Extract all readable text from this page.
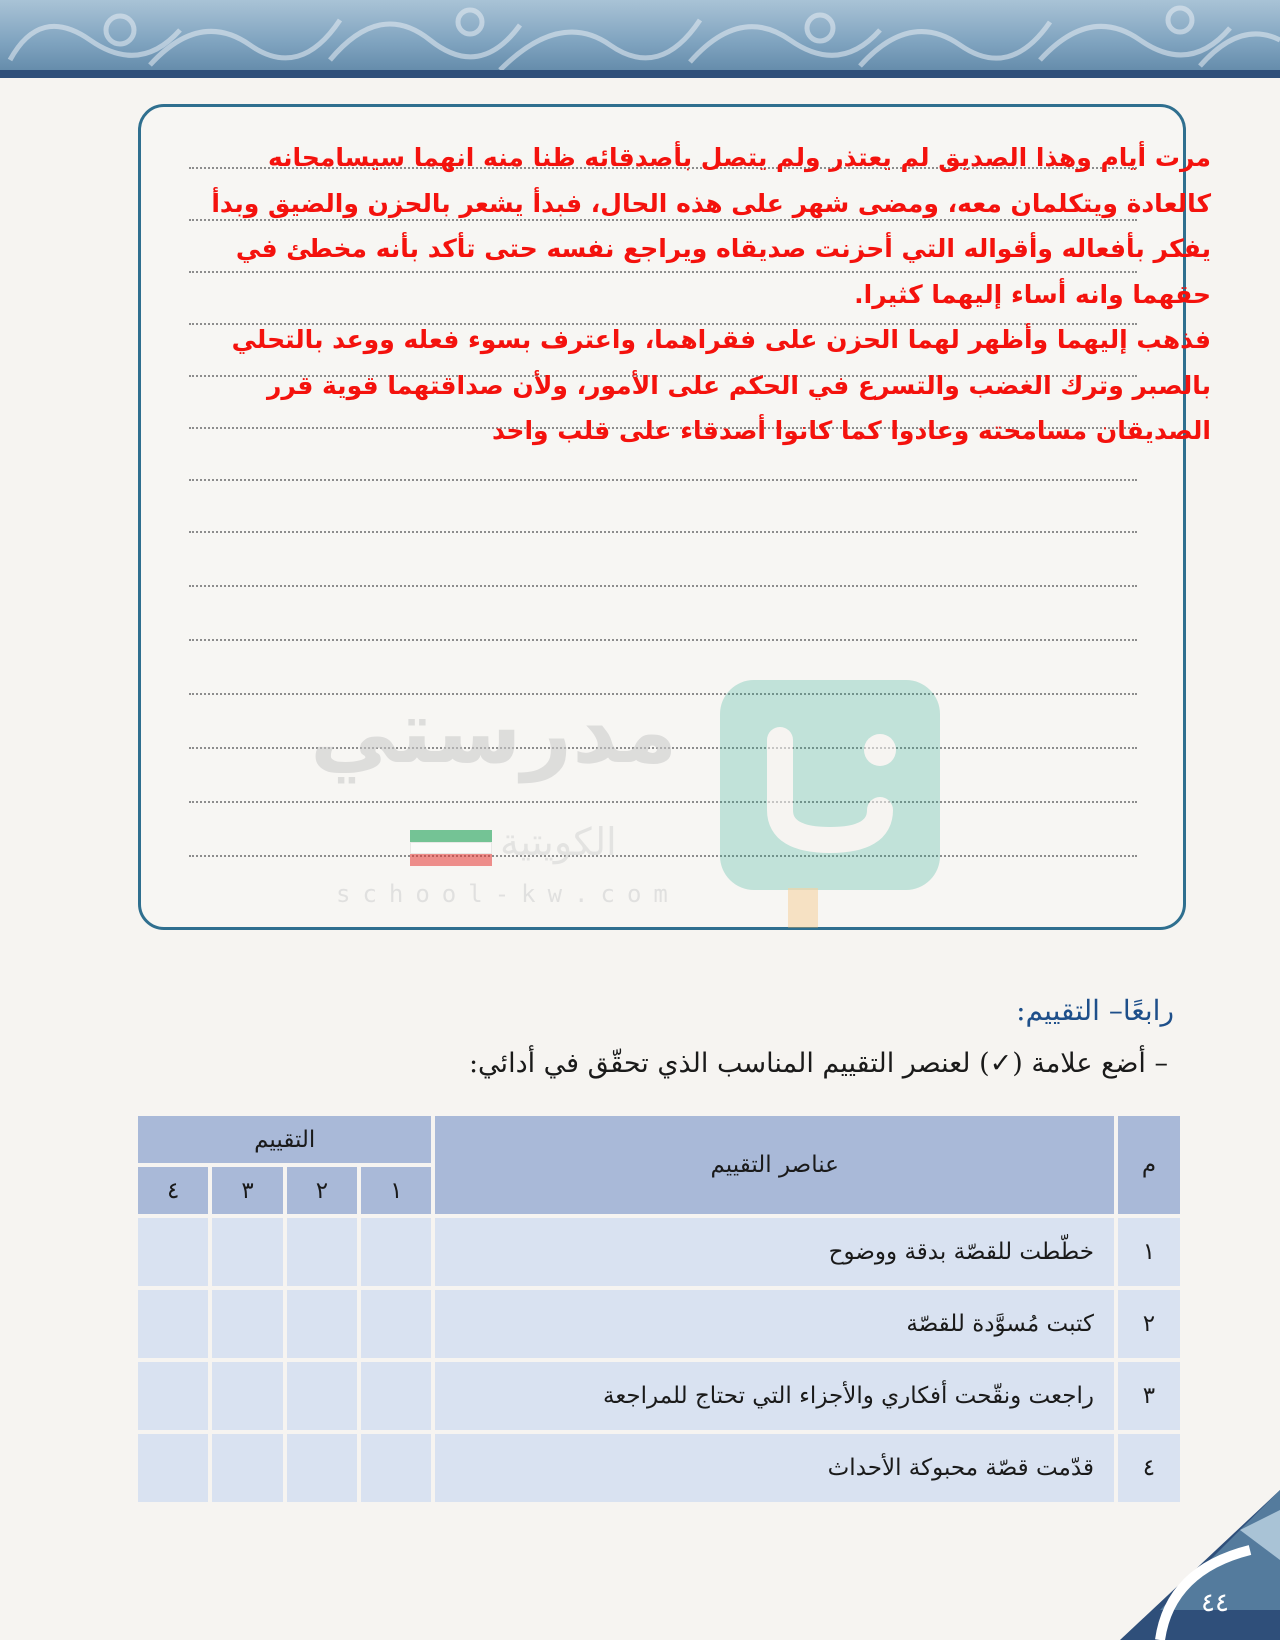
مرت أيام وهذا الصديق لم يعتذر ولم يتصل بأصدقائه ظنا منه انهما سيسامحانه كالعادة ويتكلمان معه، ومضى شهر على هذه الحال، فبدأ يشعر بالحزن والضيق وبدأ يفكر بأفعاله وأقواله التي أحزنت صديقاه ويراجع نفسه حتى تأكد بأنه مخطئ في حقهما وانه أساء إليهما كثيرا.

فذهب إليهما وأظهر لهما الحزن على فقراهما، واعترف بسوء فعله ووعد بالتحلي بالصبر وترك الغضب والتسرع في الحكم على الأمور، ولأن صداقتهما قوية قرر الصديقان مسامحته وعادوا كما كانوا أصدقاء على قلب واحد

مدرستي
الكويتية
school-kw.com
رابعًا– التقييم:
– أضع علامة (✓) لعنصر التقييم المناسب الذي تحقّق في أدائي:
م	عناصر التقييم	التقييم			
		١	٢	٣	٤
١	خطّطت للقصّة بدقة ووضوح				
٢	كتبت مُسوَّدة للقصّة				
٣	راجعت ونقّحت أفكاري والأجزاء التي تحتاج للمراجعة				
٤	قدّمت قصّة محبوكة الأحداث				
٤٤
